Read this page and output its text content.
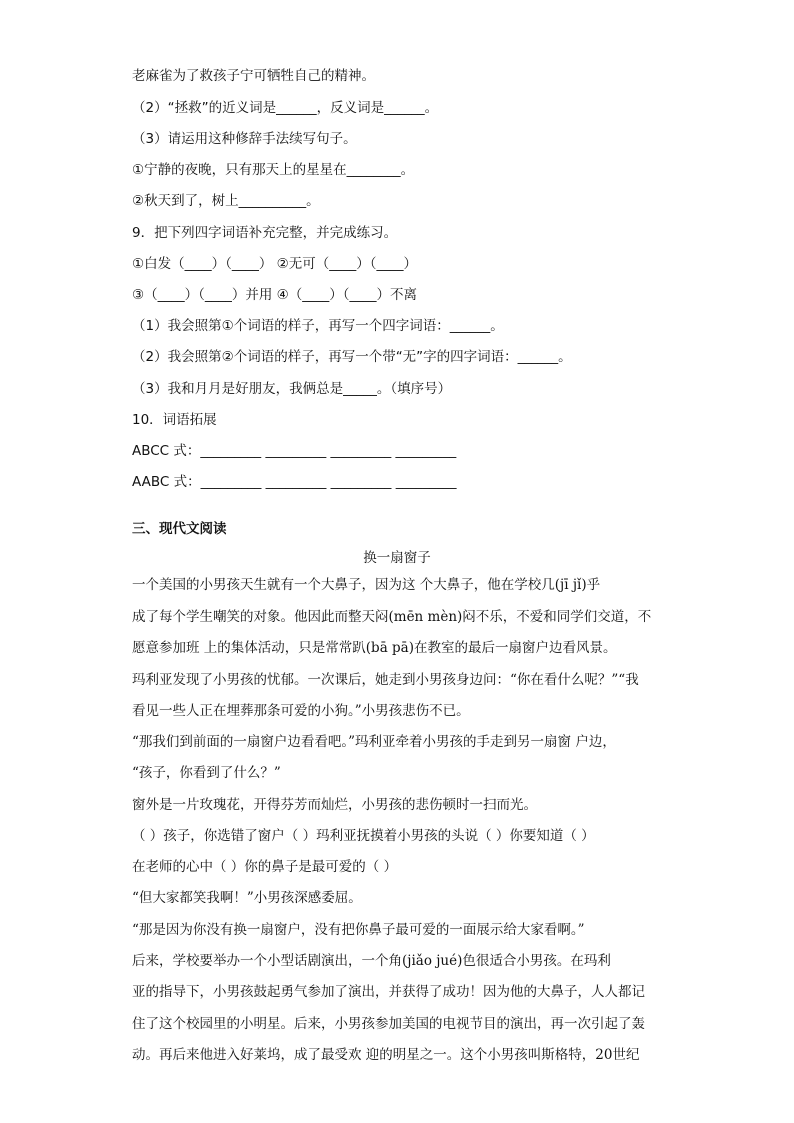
老麻雀为了救孩子宁可牺牲自己的精神。
（2）“拯救”的近义词是______，反义词是______。
（3）请运用这种修辞手法续写句子。
①宁静的夜晚，只有那天上的星星在________。
②秋天到了，树上__________。
9．把下列四字词语补充完整，并完成练习。
①白发（____）（____） ②无可（____）（____）
③（____）（____）并用 ④（____）（____）不离
（1）我会照第①个词语的样子，再写一个四字词语：______。
（2）我会照第②个词语的样子，再写一个带“无”字的四字词语：______。
（3）我和月月是好朋友，我俩总是_____。（填序号）
10．词语拓展
ABCC 式：_________ _________ _________ _________
AABC 式：_________ _________ _________ _________
三、现代文阅读
换一扇窗子
一个美国的小男孩天生就有一个大鼻子，因为这 个大鼻子，他在学校几(jī jǐ)乎
成了每个学生嘲笑的对象。他因此而整天闷(mēn mèn)闷不乐，不爱和同学们交道，不
愿意参加班 上的集体活动，只是常常趴(bā pā)在教室的最后一扇窗户边看风景。
玛利亚发现了小男孩的忧郁。一次课后，她走到小男孩身边问：“你在看什么呢？”“我
看见一些人正在埋葬那条可爱的小狗。”小男孩悲伤不已。
“那我们到前面的一扇窗户边看看吧。”玛利亚牵着小男孩的手走到另一扇窗 户边，
“孩子，你看到了什么？”
窗外是一片玫瑰花，开得芬芳而灿烂，小男孩的悲伤顿时一扫而光。
（ ）孩子，你选错了窗户（ ）玛利亚抚摸着小男孩的头说（ ）你要知道（ ）
在老师的心中（ ）你的鼻子是最可爱的（ ）
“但大家都笑我啊！”小男孩深感委屈。
“那是因为你没有换一扇窗户，没有把你鼻子最可爱的一面展示给大家看啊。”
后来，学校要举办一个小型话剧演出，一个角(jiǎo jué)色很适合小男孩。在玛利
亚的指导下，小男孩鼓起勇气参加了演出，并获得了成功！因为他的大鼻子，人人都记
住了这个校园里的小明星。后来，小男孩参加美国的电视节目的演出，再一次引起了轰
动。再后来他进入好莱坞，成了最受欢 迎的明星之一。这个小男孩叫斯格特，20世纪
